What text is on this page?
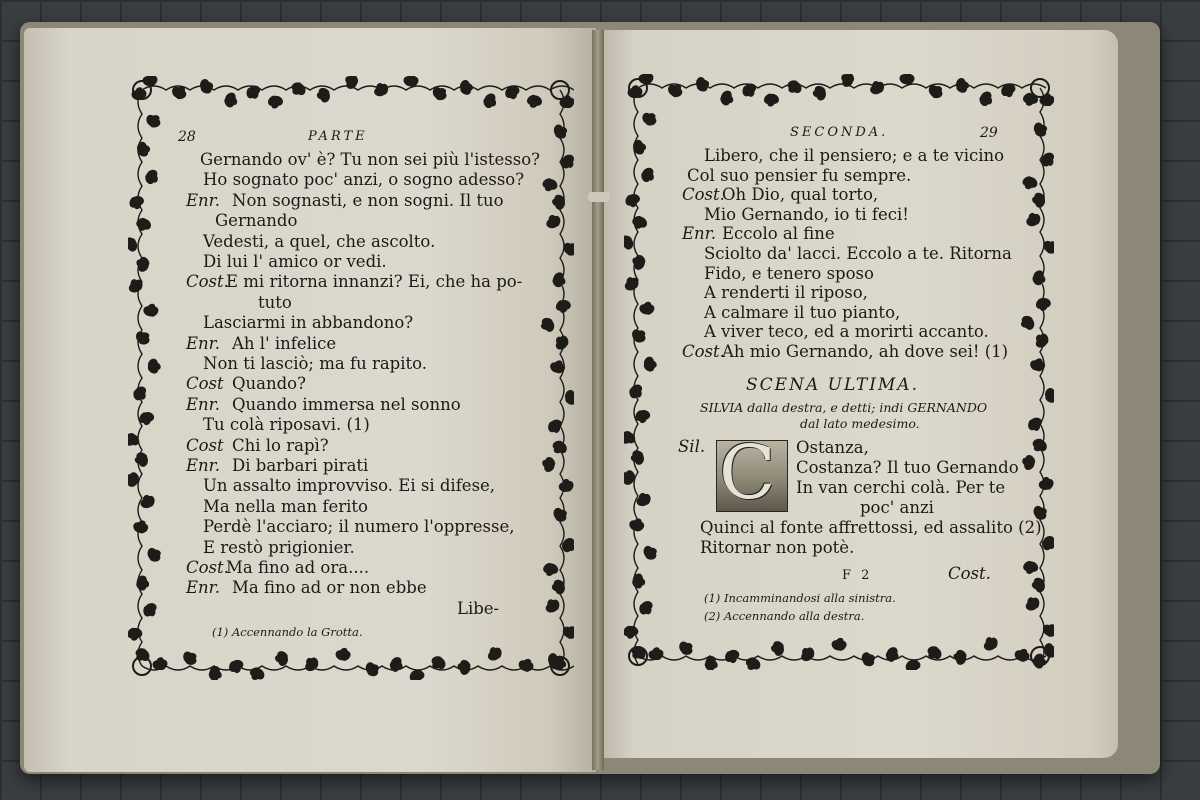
28	PARTE
Gernando ov' è? Tu non sei più l'istesso?
Ho sognato poc' anzi, o sogno adesso?
Enr. Non sognasti, e non sogni. Il tuo
Gernando
Vedesti, a quel, che ascolto.
Di lui l' amico or vedi.
Cost.
E mi ritorna innanzi? Ei, che ha po-
tuto
Lasciarmi in abbandono?
Enr. Ah l' infelice
Non ti lasciò; ma fu rapito.
Cost Quando?
Enr. Quando immersa nel sonno
Tu colà riposavi. (1)
Cost Chi lo rapì?
Enr. Di barbari pirati
Un assalto improvviso. Ei si difese,
Ma nella man ferito
Perdè l'acciaro; il numero l'oppresse,
E restò prigionier.
Cost.
Ma fino ad ora....
Enr. Ma fino ad or non ebbe
Libe-
(1) Accennando la Grotta.
SECONDA.	29
Libero, che il pensiero; e a te vicino
Col suo pensier fu sempre.
Cost.
Oh Dio, qual torto,
Mio Gernando, io ti feci!
Enr. Eccolo al fine
Sciolto da' lacci. Eccolo a te. Ritorna
Fido, e tenero sposo
A renderti il riposo,
A calmare il tuo pianto,
A viver teco, ed a morirti accanto.
Cost.
Ah mio Gernando, ah dove sei! (1)
SCENA ULTIMA.
SILVIA dalla destra, e detti; indi GERNANDO
dal lato medesimo.
Sil. C Ostanza,
Costanza? Il tuo Gernando
In van cerchi colà. Per te
poc' anzi
Quinci al fonte affrettossi, ed assalito (2)
Ritornar non potè.
F 2	Cost.
(1) Incamminandosi alla sinistra.
(2) Accennando alla destra.
